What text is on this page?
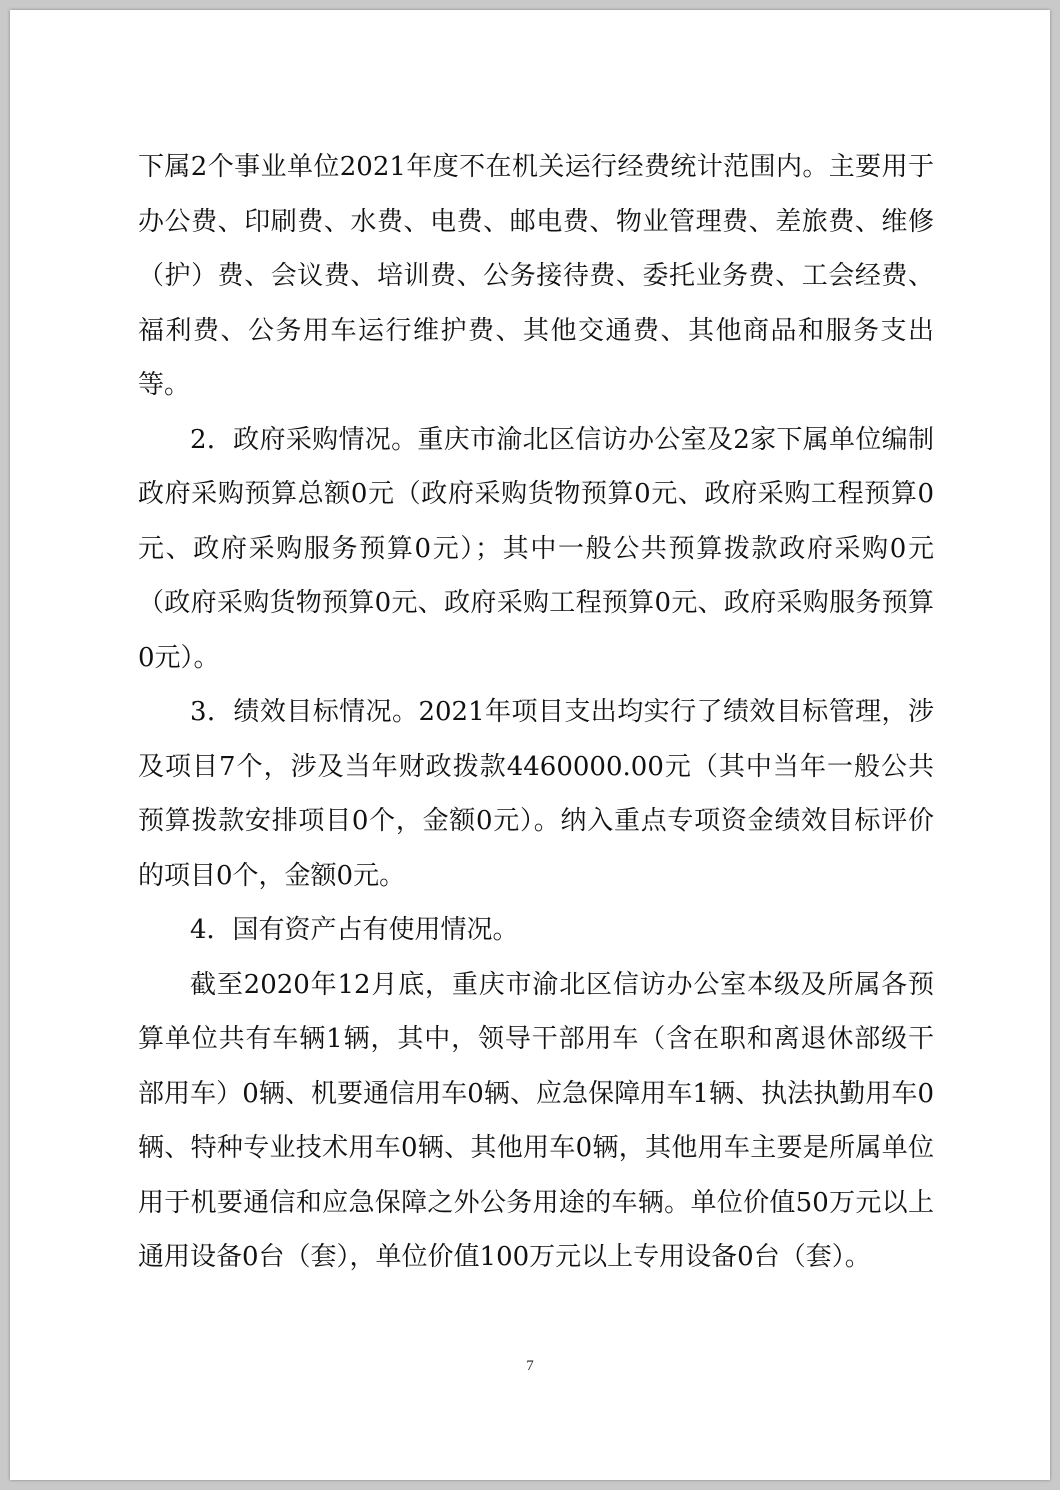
下属2个事业单位2021年度不在机关运行经费统计范围内。主要用于办公费、印刷费、水费、电费、邮电费、物业管理费、差旅费、维修（护）费、会议费、培训费、公务接待费、委托业务费、工会经费、福利费、公务用车运行维护费、其他交通费、其他商品和服务支出等。

2．政府采购情况。重庆市渝北区信访办公室及2家下属单位编制政府采购预算总额0元（政府采购货物预算0元、政府采购工程预算0元、政府采购服务预算0元）；其中一般公共预算拨款政府采购0元（政府采购货物预算0元、政府采购工程预算0元、政府采购服务预算0元）。

3．绩效目标情况。2021年项目支出均实行了绩效目标管理，涉及项目7个，涉及当年财政拨款4460000.00元（其中当年一般公共预算拨款安排项目0个，金额0元）。纳入重点专项资金绩效目标评价的项目0个，金额0元。

4．国有资产占有使用情况。

截至2020年12月底，重庆市渝北区信访办公室本级及所属各预算单位共有车辆1辆，其中，领导干部用车（含在职和离退休部级干部用车）0辆、机要通信用车0辆、应急保障用车1辆、执法执勤用车0辆、特种专业技术用车0辆、其他用车0辆，其他用车主要是所属单位用于机要通信和应急保障之外公务用途的车辆。单位价值50万元以上通用设备0台（套），单位价值100万元以上专用设备0台（套）。

7
